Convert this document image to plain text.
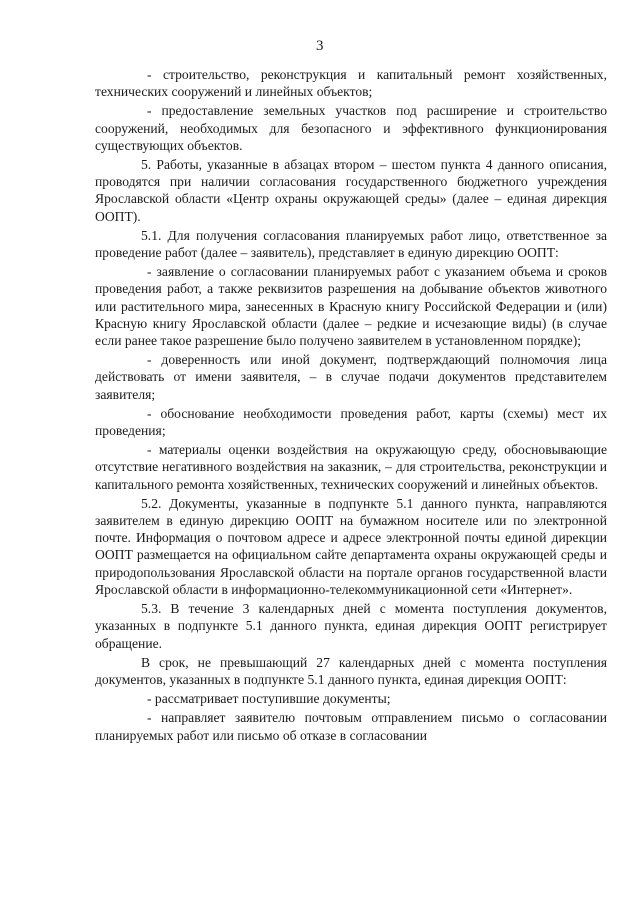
3

- строительство, реконструкция и капитальный ремонт хозяйственных, технических сооружений и линейных объектов;

- предоставление земельных участков под расширение и строительство сооружений, необходимых для безопасного и эффективного функционирования существующих объектов.

5. Работы, указанные в абзацах втором – шестом пункта 4 данного описания, проводятся при наличии согласования государственного бюджетного учреждения Ярославской области «Центр охраны окружающей среды» (далее – единая дирекция ООПТ).

5.1. Для получения согласования планируемых работ лицо, ответственное за проведение работ (далее – заявитель), представляет в единую дирекцию ООПТ:

- заявление о согласовании планируемых работ с указанием объема и сроков проведения работ, а также реквизитов разрешения на добывание объектов животного или растительного мира, занесенных в Красную книгу Российской Федерации и (или) Красную книгу Ярославской области (далее – редкие и исчезающие виды) (в случае если ранее такое разрешение было получено заявителем в установленном порядке);

- доверенность или иной документ, подтверждающий полномочия лица действовать от имени заявителя, – в случае подачи документов представителем заявителя;

- обоснование необходимости проведения работ, карты (схемы) мест их проведения;

- материалы оценки воздействия на окружающую среду, обосновывающие отсутствие негативного воздействия на заказник, – для строительства, реконструкции и капитального ремонта хозяйственных, технических сооружений и линейных объектов.

5.2. Документы, указанные в подпункте 5.1 данного пункта, направляются заявителем в единую дирекцию ООПТ на бумажном носителе или по электронной почте. Информация о почтовом адресе и адресе электронной почты единой дирекции ООПТ размещается на официальном сайте департамента охраны окружающей среды и природопользования Ярославской области на портале органов государственной власти Ярославской области в информационно-телекоммуникационной сети «Интернет».

5.3. В течение 3 календарных дней с момента поступления документов, указанных в подпункте 5.1 данного пункта, единая дирекция ООПТ регистрирует обращение.

В срок, не превышающий 27 календарных дней с момента поступления документов, указанных в подпункте 5.1 данного пункта, единая дирекция ООПТ:

- рассматривает поступившие документы;

- направляет заявителю почтовым отправлением письмо о согласовании планируемых работ или письмо об отказе в согласовании
